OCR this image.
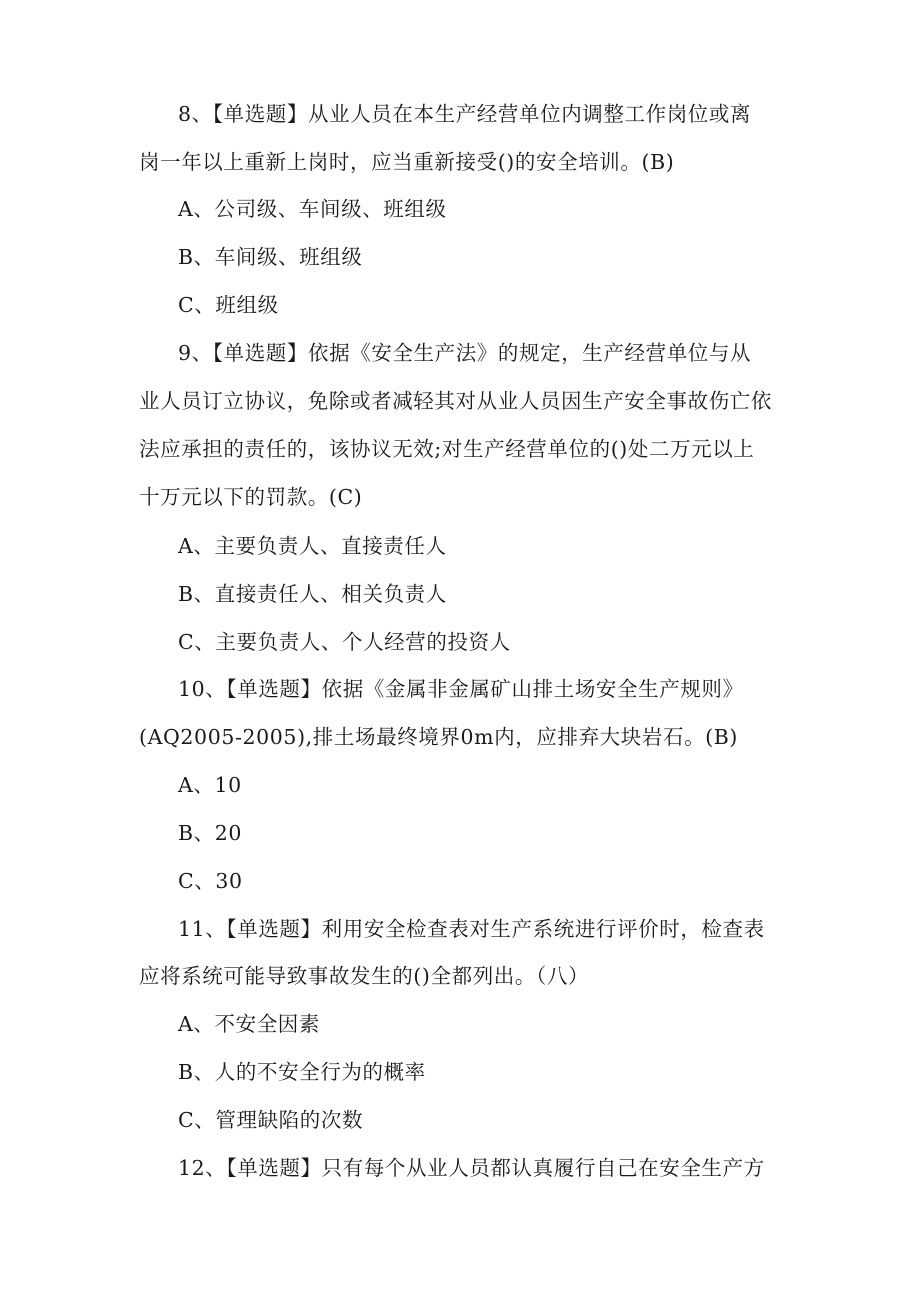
8、【单选题】从业人员在本生产经营单位内调整工作岗位或离
岗一年以上重新上岗时，应当重新接受()的安全培训。(B)
A、公司级、车间级、班组级
B、车间级、班组级
C、班组级
9、【单选题】依据《安全生产法》的规定，生产经营单位与从
业人员订立协议，免除或者减轻其对从业人员因生产安全事故伤亡依
法应承担的责任的，该协议无效;对生产经营单位的()处二万元以上
十万元以下的罚款。(C)
A、主要负责人、直接责任人
B、直接责任人、相关负责人
C、主要负责人、个人经营的投资人
10、【单选题】依据《金属非金属矿山排土场安全生产规则》
(AQ2005-2005),排土场最终境界0m内，应排弃大块岩石。(B)
A、10
B、20
C、30
11、【单选题】利用安全检查表对生产系统进行评价时，检查表
应将系统可能导致事故发生的()全都列出。（八）
A、不安全因素
B、人的不安全行为的概率
C、管理缺陷的次数
12、【单选题】只有每个从业人员都认真履行自己在安全生产方
